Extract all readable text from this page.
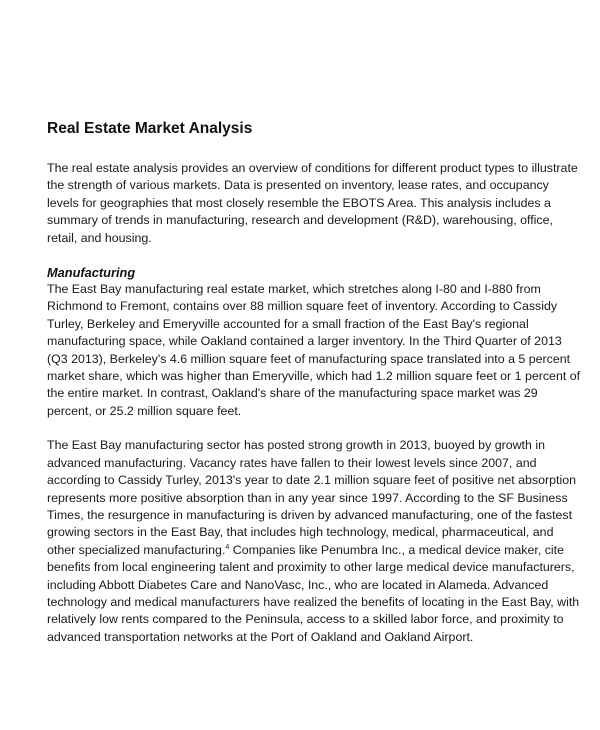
Real Estate Market Analysis

The real estate analysis provides an overview of conditions for different product types to illustrate the strength of various markets. Data is presented on inventory, lease rates, and occupancy levels for geographies that most closely resemble the EBOTS Area. This analysis includes a summary of trends in manufacturing, research and development (R&D), warehousing, office, retail, and housing.

Manufacturing

The East Bay manufacturing real estate market, which stretches along I-80 and I-880 from Richmond to Fremont, contains over 88 million square feet of inventory. According to Cassidy Turley, Berkeley and Emeryville accounted for a small fraction of the East Bay's regional manufacturing space, while Oakland contained a larger inventory. In the Third Quarter of 2013 (Q3 2013), Berkeley's 4.6 million square feet of manufacturing space translated into a 5 percent market share, which was higher than Emeryville, which had 1.2 million square feet or 1 percent of the entire market. In contrast, Oakland's share of the manufacturing space market was 29 percent, or 25.2 million square feet.

The East Bay manufacturing sector has posted strong growth in 2013, buoyed by growth in advanced manufacturing. Vacancy rates have fallen to their lowest levels since 2007, and according to Cassidy Turley, 2013's year to date 2.1 million square feet of positive net absorption represents more positive absorption than in any year since 1997. According to the SF Business Times, the resurgence in manufacturing is driven by advanced manufacturing, one of the fastest growing sectors in the East Bay, that includes high technology, medical, pharmaceutical, and other specialized manufacturing.$^4$ Companies like Penumbra Inc., a medical device maker, cite benefits from local engineering talent and proximity to other large medical device manufacturers, including Abbott Diabetes Care and NanoVasc, Inc., who are located in Alameda. Advanced technology and medical manufacturers have realized the benefits of locating in the East Bay, with relatively low rents compared to the Peninsula, access to a skilled labor force, and proximity to advanced transportation networks at the Port of Oakland and Oakland Airport.
